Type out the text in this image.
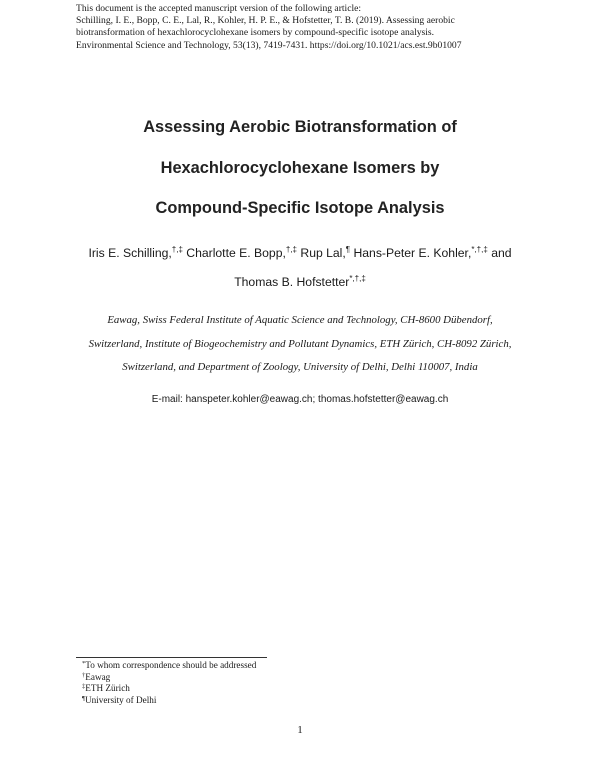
This document is the accepted manuscript version of the following article:
Schilling, I. E., Bopp, C. E., Lal, R., Kohler, H. P. E., & Hofstetter, T. B. (2019). Assessing aerobic
biotransformation of hexachlorocyclohexane isomers by compound-specific isotope analysis.
Environmental Science and Technology, 53(13), 7419-7431. https://doi.org/10.1021/acs.est.9b01007
Assessing Aerobic Biotransformation of
Hexachlorocyclohexane Isomers by
Compound-Specific Isotope Analysis
Iris E. Schilling,†,‡ Charlotte E. Bopp,†,‡ Rup Lal,¶ Hans-Peter E. Kohler,*,†,‡ and
Thomas B. Hofstetter*,†,‡
Eawag, Swiss Federal Institute of Aquatic Science and Technology, CH-8600 Dübendorf,
Switzerland, Institute of Biogeochemistry and Pollutant Dynamics, ETH Zürich, CH-8092 Zürich,
Switzerland, and Department of Zoology, University of Delhi, Delhi 110007, India
E-mail: hanspeter.kohler@eawag.ch; thomas.hofstetter@eawag.ch
*To whom correspondence should be addressed
†Eawag
‡ETH Zürich
¶University of Delhi
1
